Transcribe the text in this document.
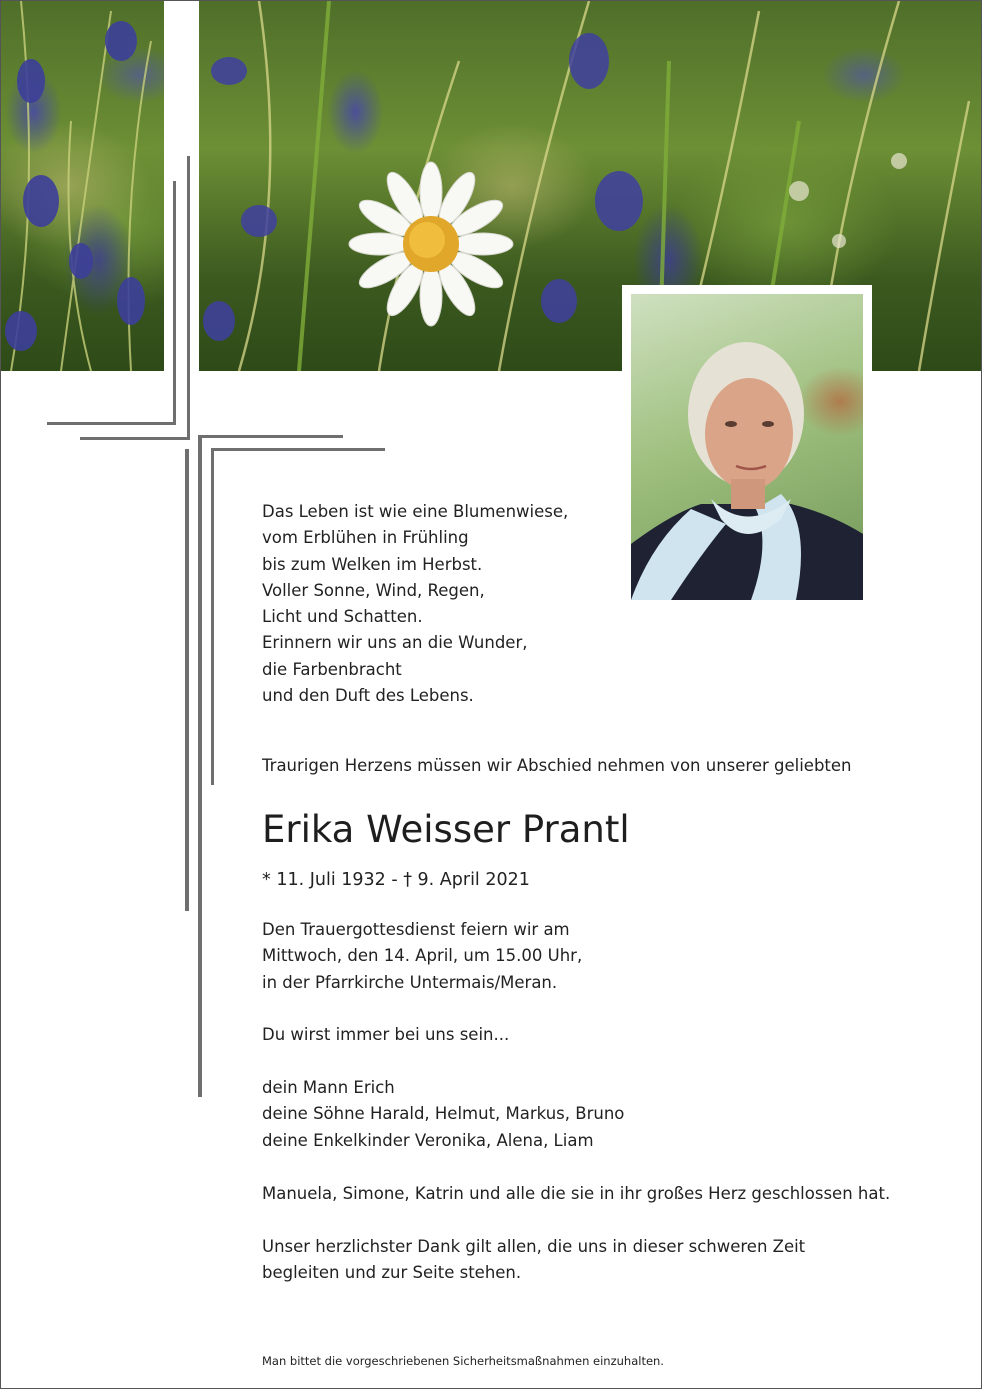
Das Leben ist wie eine Blumenwiese,
vom Erblühen in Frühling
bis zum Welken im Herbst.
Voller Sonne, Wind, Regen,
Licht und Schatten.
Erinnern wir uns an die Wunder,
die Farbenbracht
und den Duft des Lebens.
Traurigen Herzens müssen wir Abschied nehmen von unserer geliebten
Erika Weisser Prantl
* 11. Juli 1932 - † 9. April 2021
Den Trauergottesdienst feiern wir am
Mittwoch, den 14. April, um 15.00 Uhr,
in der Pfarrkirche Untermais/Meran.
Du wirst immer bei uns sein...
dein Mann Erich
deine Söhne Harald, Helmut, Markus, Bruno
deine Enkelkinder Veronika, Alena, Liam
Manuela, Simone, Katrin und alle die sie in ihr großes Herz geschlossen hat.
Unser herzlichster Dank gilt allen, die uns in dieser schweren Zeit
begleiten und zur Seite stehen.
Man bittet die vorgeschriebenen Sicherheitsmaßnahmen einzuhalten.
